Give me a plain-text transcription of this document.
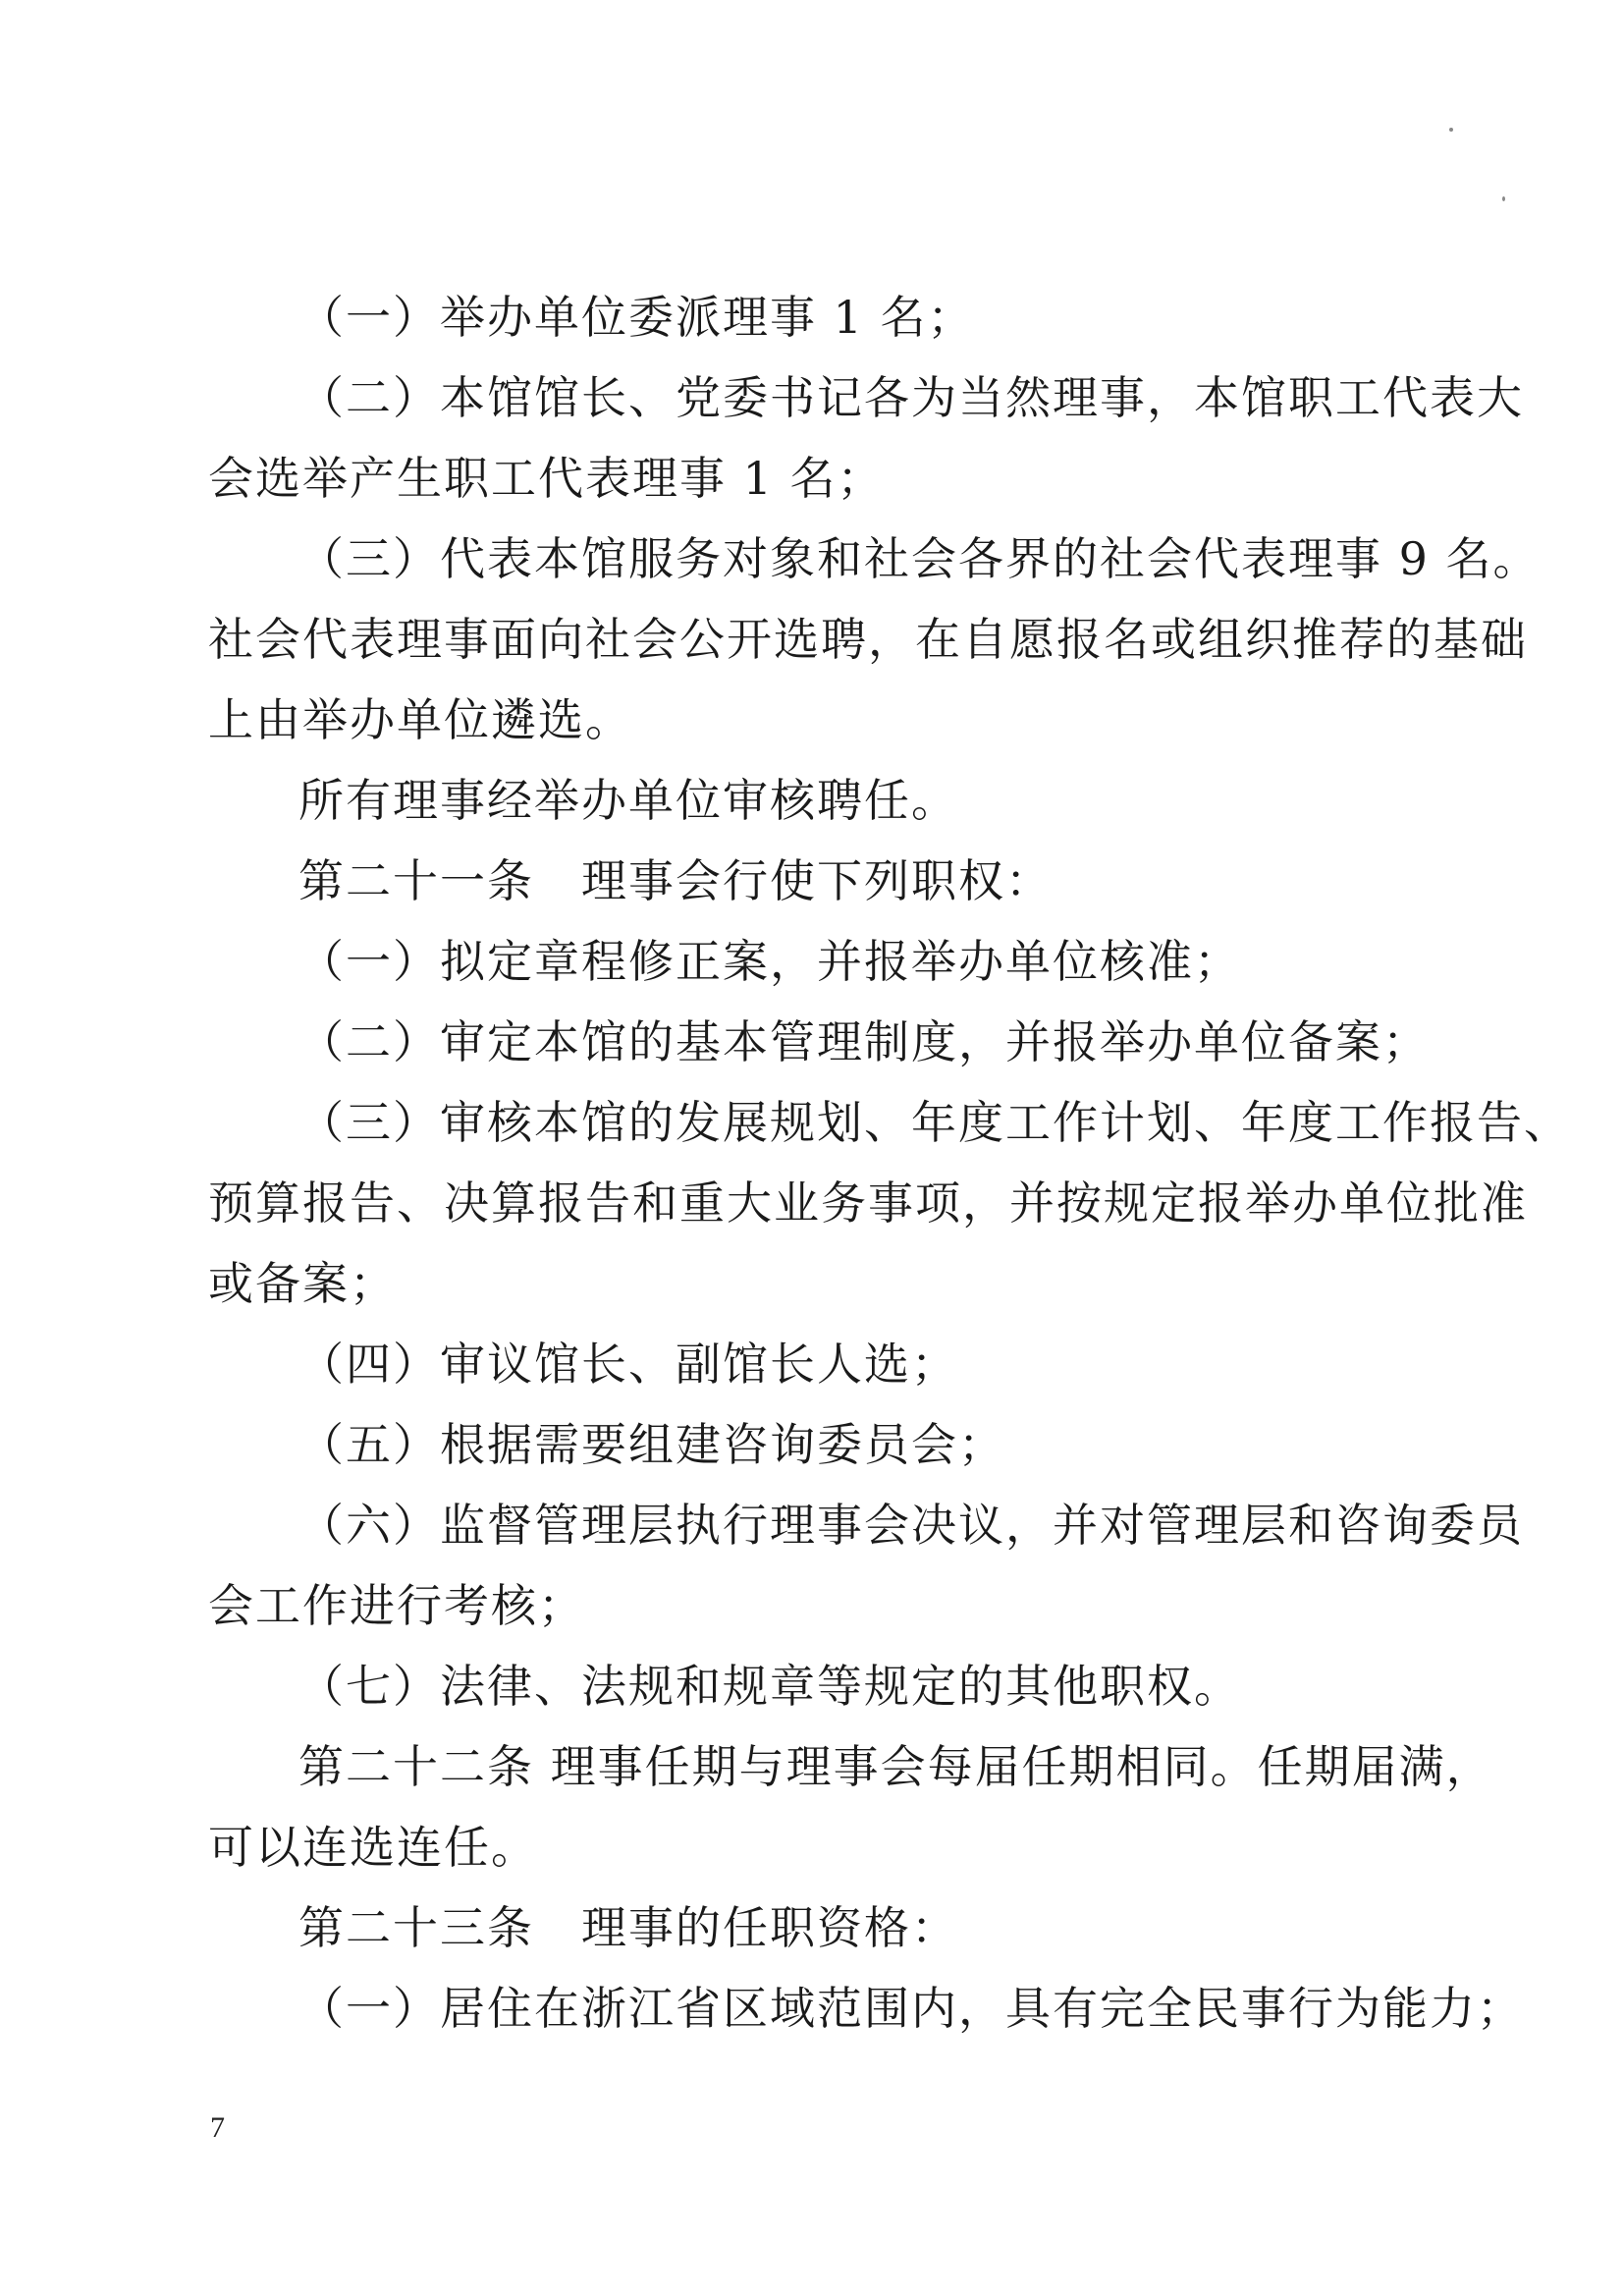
（一）举办单位委派理事 1 名；
（二）本馆馆长、党委书记各为当然理事，本馆职工代表大
会选举产生职工代表理事 1 名；
（三）代表本馆服务对象和社会各界的社会代表理事 9 名。
社会代表理事面向社会公开选聘，在自愿报名或组织推荐的基础
上由举办单位遴选。
所有理事经举办单位审核聘任。
第二十一条　理事会行使下列职权：
（一）拟定章程修正案，并报举办单位核准；
（二）审定本馆的基本管理制度，并报举办单位备案；
（三）审核本馆的发展规划、年度工作计划、年度工作报告、
预算报告、决算报告和重大业务事项，并按规定报举办单位批准
或备案；
（四）审议馆长、副馆长人选；
（五）根据需要组建咨询委员会；
（六）监督管理层执行理事会决议，并对管理层和咨询委员
会工作进行考核；
（七）法律、法规和规章等规定的其他职权。
第二十二条 理事任期与理事会每届任期相同。任期届满，
可以连选连任。
第二十三条　理事的任职资格：
（一）居住在浙江省区域范围内，具有完全民事行为能力；
7
